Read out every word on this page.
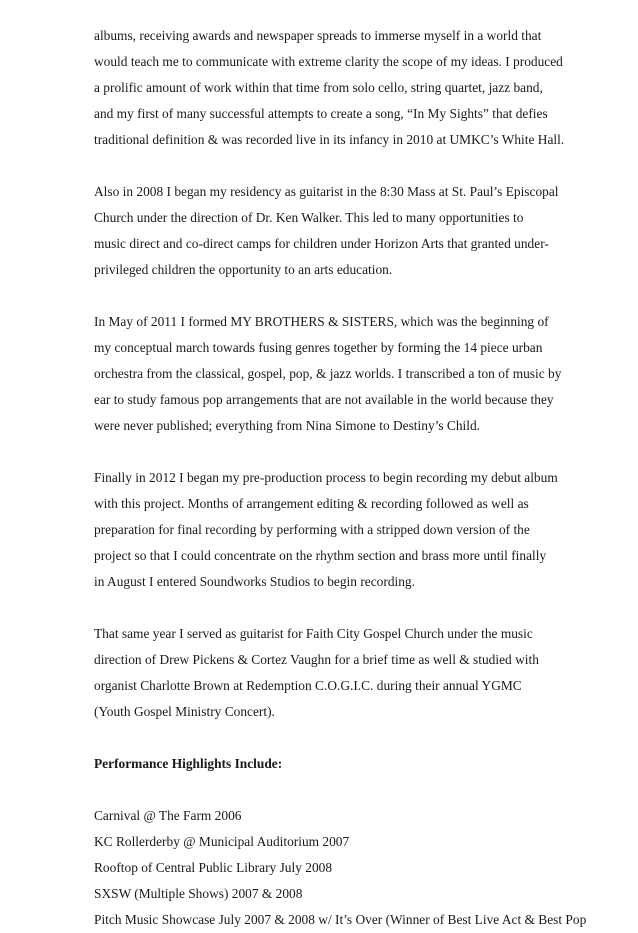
albums, receiving awards and newspaper spreads to immerse myself in a world that
would teach me to communicate with extreme clarity the scope of my ideas. I produced
a prolific amount of work within that time from solo cello, string quartet, jazz band,
and my first of many successful attempts to create a song, “In My Sights” that defies
traditional definition & was recorded live in its infancy in 2010 at UMKC’s White Hall.
Also in 2008 I began my residency as guitarist in the 8:30 Mass at St. Paul’s Episcopal
Church under the direction of Dr. Ken Walker. This led to many opportunities to
music direct and co-direct camps for children under Horizon Arts that granted under-
privileged children the opportunity to an arts education.
In May of 2011 I formed MY BROTHERS & SISTERS, which was the beginning of
my conceptual march towards fusing genres together by forming the 14 piece urban
orchestra from the classical, gospel, pop, & jazz worlds. I transcribed a ton of music by
ear to study famous pop arrangements that are not available in the world because they
were never published; everything from Nina Simone to Destiny’s Child.
Finally in 2012 I began my pre-production process to begin recording my debut album
with this project. Months of arrangement editing & recording followed as well as
preparation for final recording by performing with a stripped down version of the
project so that I could concentrate on the rhythm section and brass more until finally
in August I entered Soundworks Studios to begin recording.
That same year I served as guitarist for Faith City Gospel Church under the music
direction of Drew Pickens & Cortez Vaughn for a brief time as well & studied with
organist Charlotte Brown at Redemption C.O.G.I.C. during their annual YGMC
(Youth Gospel Ministry Concert).
Performance Highlights Include:
Carnival @ The Farm 2006
KC Rollerderby @ Municipal Auditorium 2007
Rooftop of Central Public Library July 2008
SXSW (Multiple Shows) 2007 & 2008
Pitch Music Showcase July 2007 & 2008 w/ It’s Over (Winner of Best Live Act & Best Pop
